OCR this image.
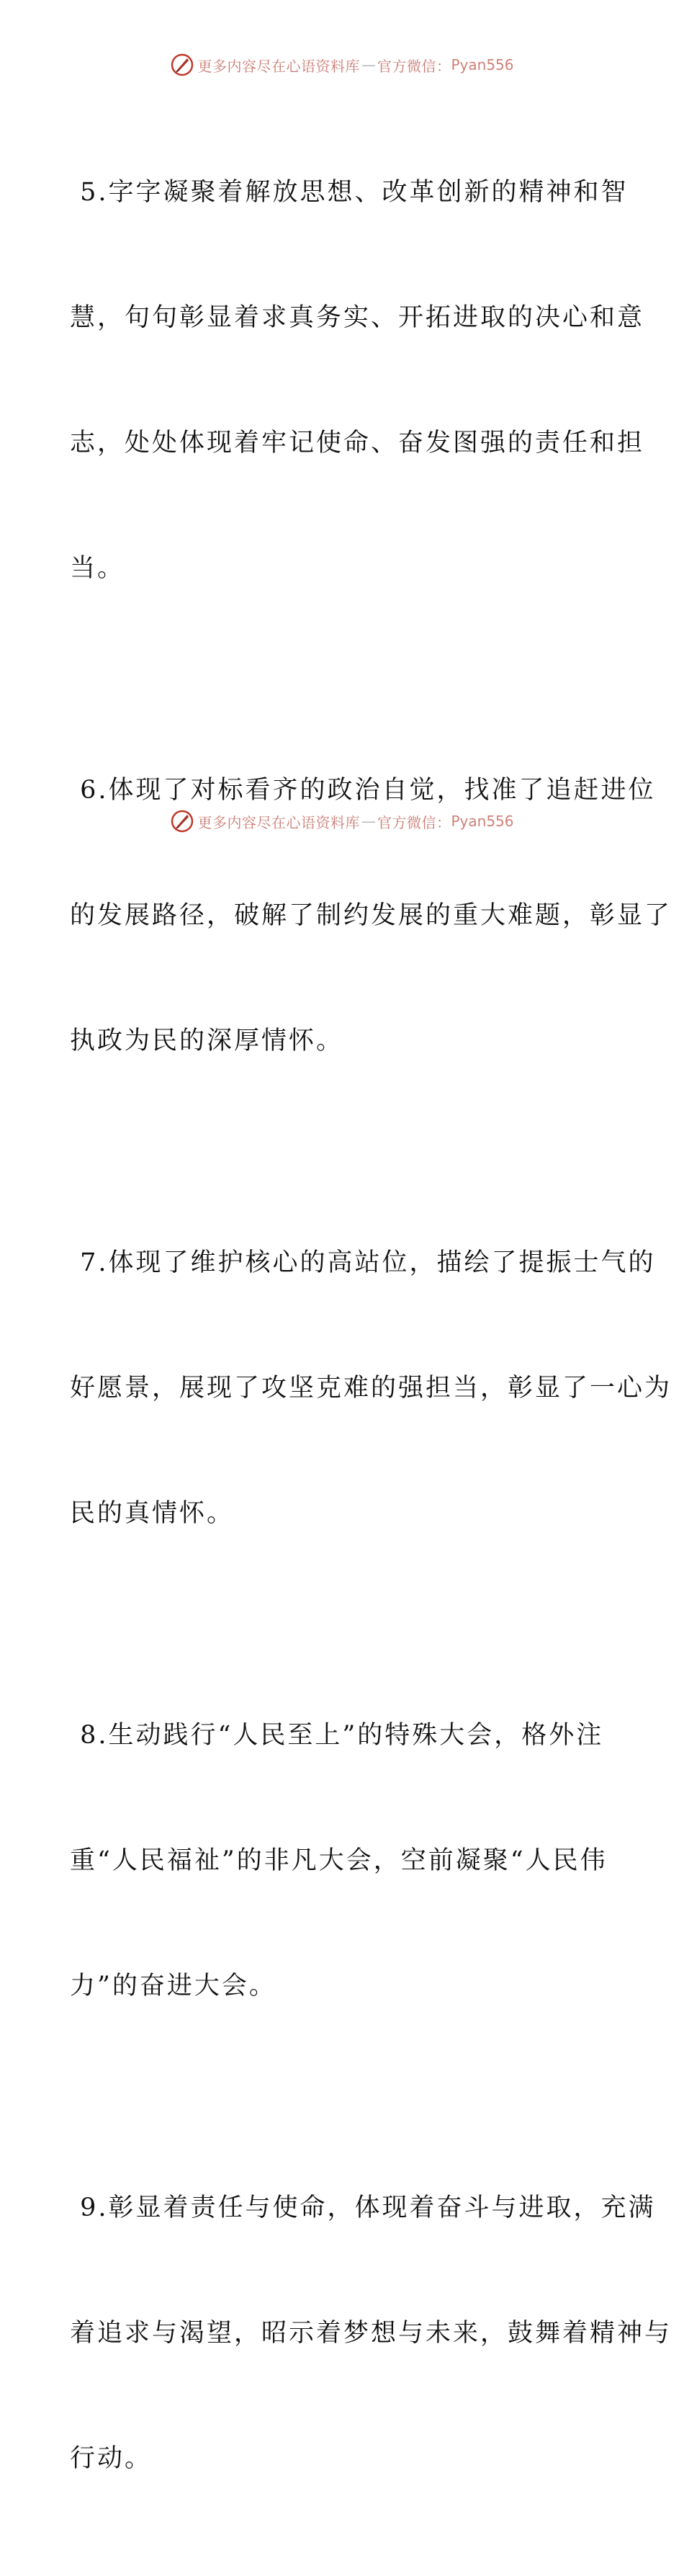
更多内容尽在心语资料库 — 官方微信： Pyan556

5.字字凝聚着解放思想、改革创新的精神和智

慧，句句彰显着求真务实、开拓进取的决心和意

志，处处体现着牢记使命、奋发图强的责任和担

当。

6.体现了对标看齐的政治自觉，找准了追赶进位

的发展路径，破解了制约发展的重大难题，彰显了

执政为民的深厚情怀。

7.体现了维护核心的高站位，描绘了提振士气的

好愿景，展现了攻坚克难的强担当，彰显了一心为

民的真情怀。

8.生动践行“人民至上”的特殊大会，格外注

重“人民福祉”的非凡大会，空前凝聚“人民伟

力”的奋进大会。

9.彰显着责任与使命，体现着奋斗与进取，充满

着追求与渴望，昭示着梦想与未来，鼓舞着精神与

行动。

更多内容尽在心语资料库 — 官方微信： Pyan556
